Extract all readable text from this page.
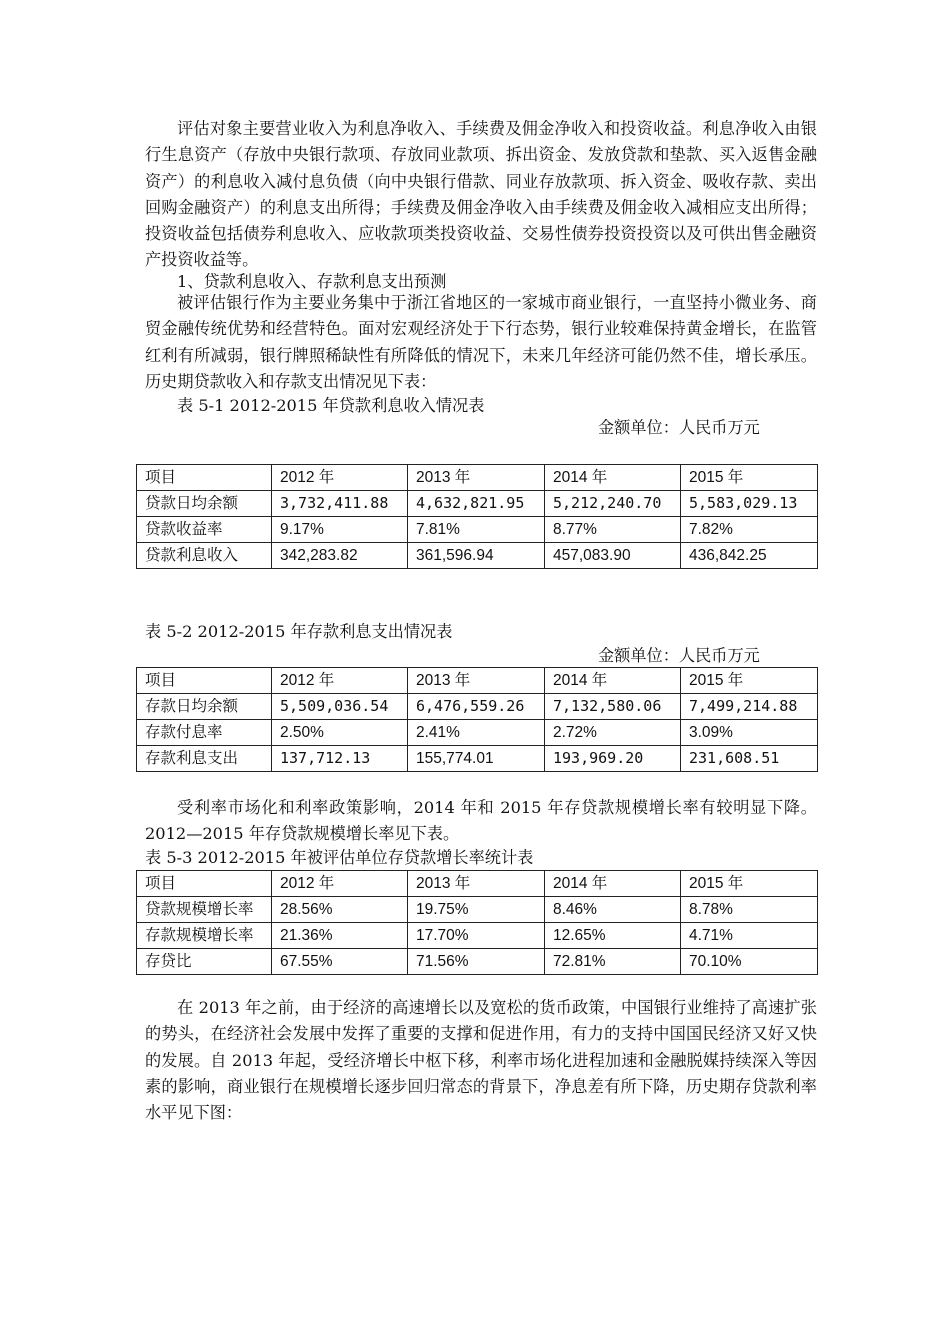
评估对象主要营业收入为利息净收入、手续费及佣金净收入和投资收益。利息净收入由银行生息资产（存放中央银行款项、存放同业款项、拆出资金、发放贷款和垫款、买入返售金融资产）的利息收入减付息负债（向中央银行借款、同业存放款项、拆入资金、吸收存款、卖出回购金融资产）的利息支出所得；手续费及佣金净收入由手续费及佣金收入减相应支出所得；投资收益包括债券利息收入、应收款项类投资收益、交易性债券投资投资以及可供出售金融资产投资收益等。

1、贷款利息收入、存款利息支出预测

被评估银行作为主要业务集中于浙江省地区的一家城市商业银行，一直坚持小微业务、商贸金融传统优势和经营特色。面对宏观经济处于下行态势，银行业较难保持黄金增长，在监管红利有所减弱，银行牌照稀缺性有所降低的情况下，未来几年经济可能仍然不佳，增长承压。历史期贷款收入和存款支出情况见下表：

表 5-1 2012-2015 年贷款利息收入情况表
金额单位：人民币万元
项目	2012 年	2013 年	2014 年	2015 年
贷款日均余额	3,732,411.88	4,632,821.95	5,212,240.70	5,583,029.13
贷款收益率	9.17%	7.81%	8.77%	7.82%
贷款利息收入	342,283.82	361,596.94	457,083.90	436,842.25
表 5-2 2012-2015 年存款利息支出情况表
金额单位：人民币万元
项目	2012 年	2013 年	2014 年	2015 年
存款日均余额	5,509,036.54	6,476,559.26	7,132,580.06	7,499,214.88
存款付息率	2.50%	2.41%	2.72%	3.09%
存款利息支出	137,712.13	155,774.01	193,969.20	231,608.51

受利率市场化和利率政策影响，2014 年和 2015 年存贷款规模增长率有较明显下降。2012—2015 年存贷款规模增长率见下表。

表 5-3 2012-2015 年被评估单位存贷款增长率统计表
项目	2012 年	2013 年	2014 年	2015 年
贷款规模增长率	28.56%	19.75%	8.46%	8.78%
存款规模增长率	21.36%	17.70%	12.65%	4.71%
存贷比	67.55%	71.56%	72.81%	70.10%

在 2013 年之前，由于经济的高速增长以及宽松的货币政策，中国银行业维持了高速扩张的势头，在经济社会发展中发挥了重要的支撑和促进作用，有力的支持中国国民经济又好又快的发展。自 2013 年起，受经济增长中枢下移，利率市场化进程加速和金融脱媒持续深入等因素的影响，商业银行在规模增长逐步回归常态的背景下，净息差有所下降，历史期存贷款利率水平见下图：
